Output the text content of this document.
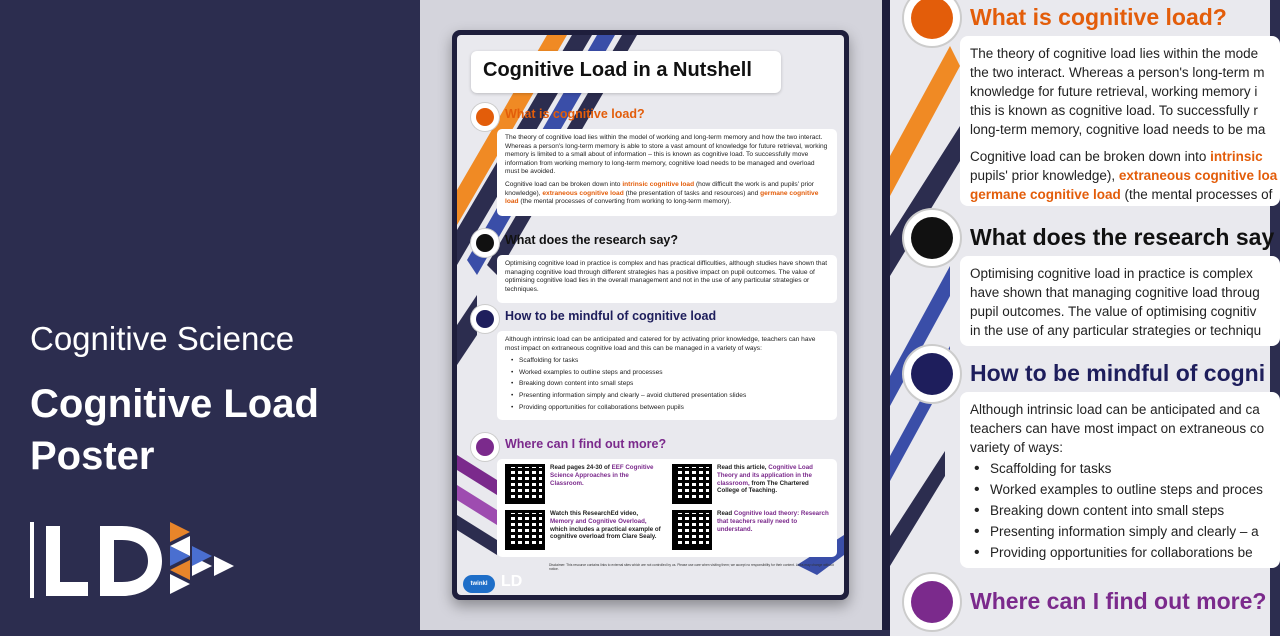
Cognitive Science
Cognitive Load Poster
Cognitive Load in a Nutshell
What is cognitive load?

The theory of cognitive load lies within the model of working and long-term memory and how the two interact. Whereas a person's long-term memory is able to store a vast amount of knowledge for future retrieval, working memory is limited to a small about of information – this is known as cognitive load. To successfully move information from working memory to long-term memory, cognitive load needs to be managed and overload must be avoided.

Cognitive load can be broken down into intrinsic cognitive load (how difficult the work is and pupils' prior knowledge), extraneous cognitive load (the presentation of tasks and resources) and germane cognitive load (the mental processes of converting from working to long-term memory).

What does the research say?

Optimising cognitive load in practice is complex and has practical difficulties, although studies have shown that managing cognitive load through different strategies has a positive impact on pupil outcomes. The value of optimising cognitive load lies in the overall management and not in the use of any particular strategies or techniques.

How to be mindful of cognitive load

Although intrinsic load can be anticipated and catered for by activating prior knowledge, teachers can have most impact on extraneous cognitive load and this can be managed in a variety of ways:

• Scaffolding for tasks
• Worked examples to outline steps and processes
• Breaking down content into small steps
• Presenting information simply and clearly – avoid cluttered presentation slides
• Providing opportunities for collaborations between pupils
Where can I find out more?
Read pages 24-30 of EEF Cognitive Science Approaches in the Classroom.
Read this article, Cognitive Load Theory and its application in the classroom, from The Chartered College of Teaching.
Watch this ResearchEd video, Memory and Cognitive Overload, which includes a practical example of cognitive overload from Clare Sealy.
Read Cognitive load theory: Research that teachers really need to understand.
Disclaimer: This resource contains links to external sites which are not controlled by us. Please use care when visiting them; we accept no responsibility for their content. Links may change without notice.
twinkl LD
What is cognitive load?
The theory of cognitive load lies within the mode
the two interact. Whereas a person's long-term m
knowledge for future retrieval, working memory i
this is known as cognitive load. To successfully r
long-term memory, cognitive load needs to be ma
Cognitive load can be broken down into intrinsic
pupils' prior knowledge), extraneous cognitive loa
germane cognitive load (the mental processes of
What does the research say
Optimising cognitive load in practice is complex
have shown that managing cognitive load throug
pupil outcomes. The value of optimising cognitiv
in the use of any particular strategies or techniqu
How to be mindful of cogni
Although intrinsic load can be anticipated and ca
teachers can have most impact on extraneous co
variety of ways:
• Scaffolding for tasks
• Worked examples to outline steps and proces
• Breaking down content into small steps
• Presenting information simply and clearly – a
• Providing opportunities for collaborations be
Where can I find out more?
